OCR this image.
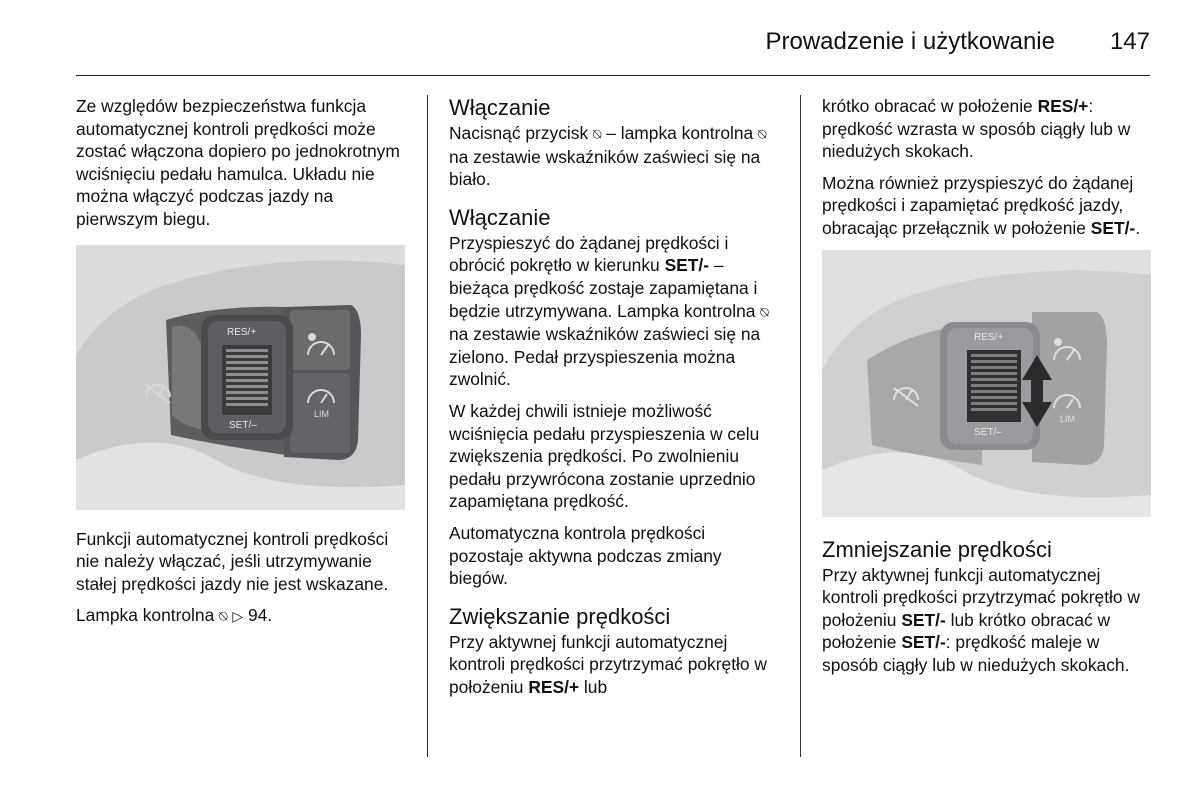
Prowadzenie i użytkowanie 147

Ze względów bezpieczeństwa funkcja automatycznej kontroli prędkości może zostać włączona dopiero po jednokrotnym wciśnięciu pedału hamulca. Układu nie można włączyć podczas jazdy na pierwszym biegu.

RES/+
SET/–
LIM

Funkcji automatycznej kontroli prędkości nie należy włączać, jeśli utrzymywanie stałej prędkości jazdy nie jest wskazane.

Lampka kontrolna ⍉ ▷ 94.

Włączanie

Nacisnąć przycisk ⍉ – lampka kontrolna ⍉ na zestawie wskaźników zaświeci się na biało.

Włączanie

Przyspieszyć do żądanej prędkości i obrócić pokrętło w kierunku SET/- – bieżąca prędkość zostaje zapamiętana i będzie utrzymywana. Lampka kontrolna ⍉ na zestawie wskaźników zaświeci się na zielono. Pedał przyspieszenia można zwolnić.

W każdej chwili istnieje możliwość wciśnięcia pedału przyspieszenia w celu zwiększenia prędkości. Po zwolnieniu pedału przywrócona zostanie uprzednio zapamiętana prędkość.

Automatyczna kontrola prędkości pozostaje aktywna podczas zmiany biegów.

Zwiększanie prędkości

Przy aktywnej funkcji automatycznej kontroli prędkości przytrzymać pokrętło w położeniu RES/+ lub

krótko obracać w położenie RES/+: prędkość wzrasta w sposób ciągły lub w niedużych skokach.

Można również przyspieszyć do żądanej prędkości i zapamiętać prędkość jazdy, obracając przełącznik w położenie SET/-.

RES/+
SET/–
LIM
Zmniejszanie prędkości

Przy aktywnej funkcji automatycznej kontroli prędkości przytrzymać pokrętło w położeniu SET/- lub krótko obracać w położenie SET/-: prędkość maleje w sposób ciągły lub w niedużych skokach.
